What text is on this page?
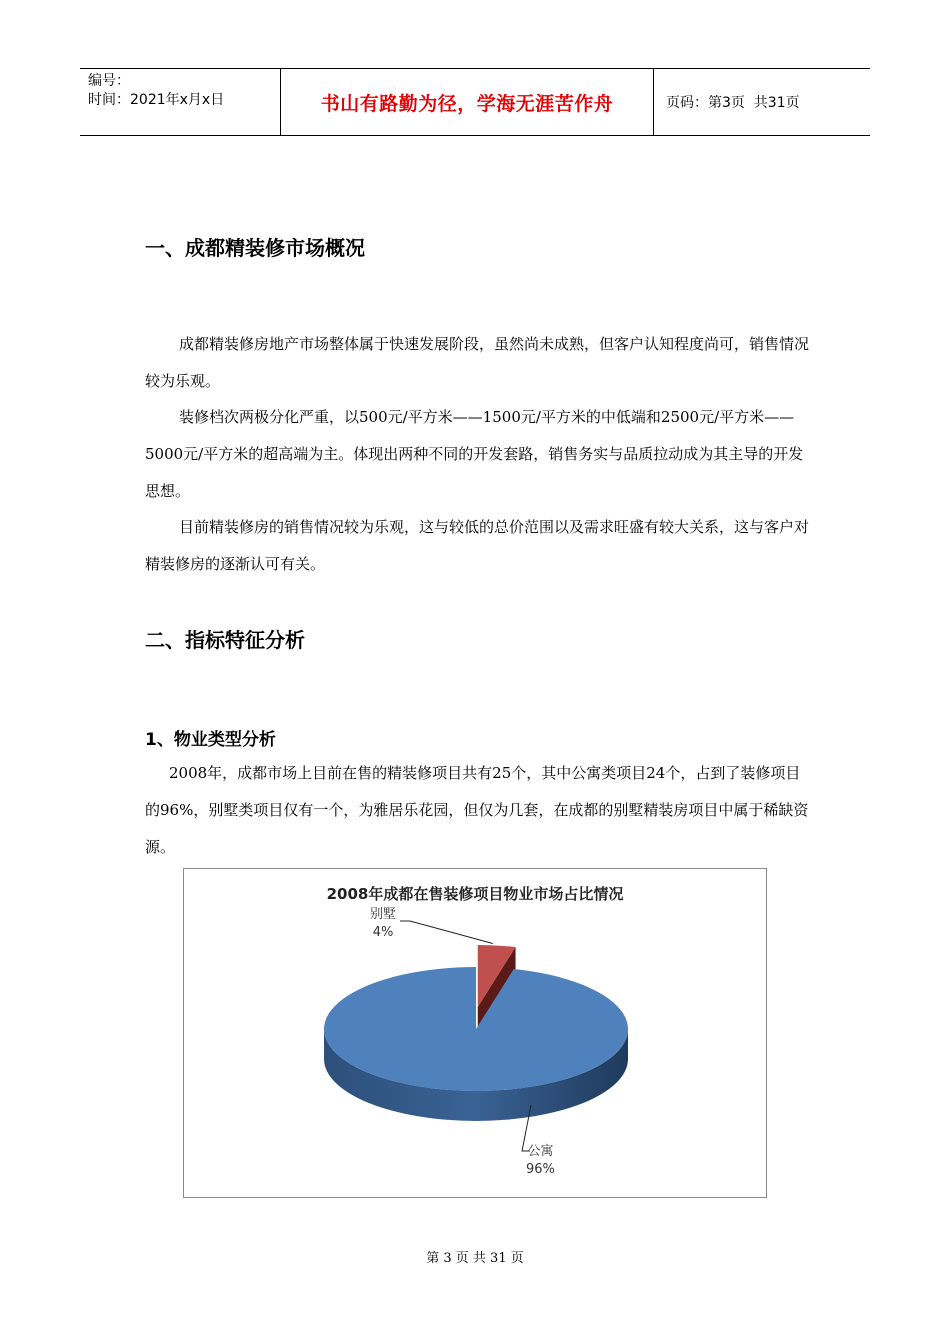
编号：
时间：2021年x月x日	书山有路勤为径，学海无涯苦作舟	页码：第3页  共31页
一、成都精装修市场概况

成都精装修房地产市场整体属于快速发展阶段，虽然尚未成熟，但客户认知程度尚可，销售情况较为乐观。

装修档次两极分化严重，以500元/平方米——1500元/平方米的中低端和2500元/平方米——5000元/平方米的超高端为主。体现出两种不同的开发套路，销售务实与品质拉动成为其主导的开发思想。

目前精装修房的销售情况较为乐观，这与较低的总价范围以及需求旺盛有较大关系，这与客户对精装修房的逐渐认可有关。

二、指标特征分析
1、物业类型分析

2008年，成都市场上目前在售的精装修项目共有25个，其中公寓类项目24个，占到了装修项目的96%，别墅类项目仅有一个，为雅居乐花园，但仅为几套，在成都的别墅精装房项目中属于稀缺资源。

2008年成都在售装修项目物业市场占比情况
别墅
4%
公寓
96%
第 3 页 共 31 页
